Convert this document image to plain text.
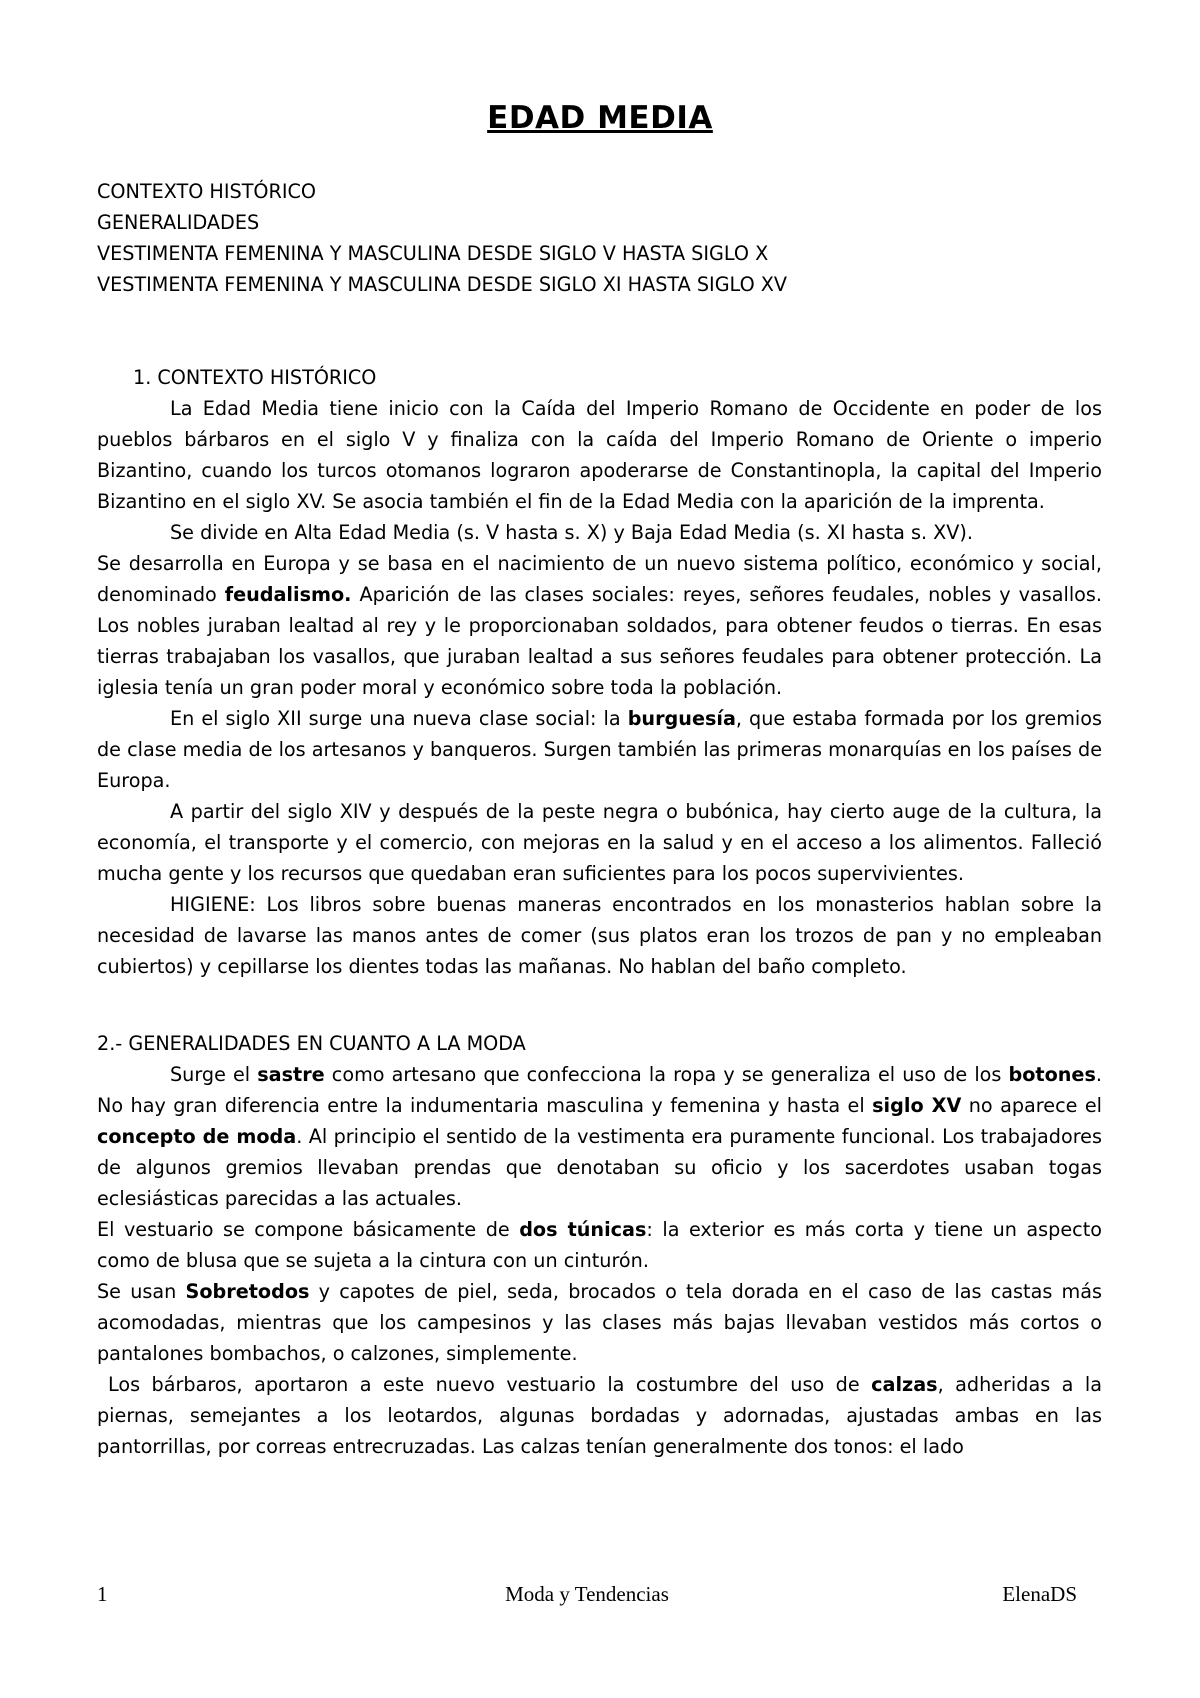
EDAD MEDIA

CONTEXTO HISTÓRICO

GENERALIDADES

VESTIMENTA FEMENINA Y MASCULINA DESDE SIGLO V HASTA SIGLO X

VESTIMENTA FEMENINA Y MASCULINA DESDE SIGLO XI HASTA SIGLO XV

1. CONTEXTO HISTÓRICO

La Edad Media tiene inicio con la Caída del Imperio Romano de Occidente en poder de los pueblos bárbaros en el siglo V y finaliza con la caída del Imperio Romano de Oriente o imperio Bizantino, cuando los turcos otomanos lograron apoderarse de Constantinopla, la capital del Imperio Bizantino en el siglo XV. Se asocia también el fin de la Edad Media con la aparición de la imprenta.

Se divide en Alta Edad Media (s. V hasta s. X) y Baja Edad Media (s. XI hasta s. XV).

Se desarrolla en Europa y se basa en el nacimiento de un nuevo sistema político, económico y social, denominado feudalismo. Aparición de las clases sociales: reyes, señores feudales, nobles y vasallos. Los nobles juraban lealtad al rey y le proporcionaban soldados, para obtener feudos o tierras. En esas tierras trabajaban los vasallos, que juraban lealtad a sus señores feudales para obtener protección. La iglesia tenía un gran poder moral y económico sobre toda la población.

En el siglo XII surge una nueva clase social: la burguesía, que estaba formada por los gremios de clase media de los artesanos y banqueros. Surgen también las primeras monarquías en los países de Europa.

A partir del siglo XIV y después de la peste negra o bubónica, hay cierto auge de la cultura, la economía, el transporte y el comercio, con mejoras en la salud y en el acceso a los alimentos. Falleció mucha gente y los recursos que quedaban eran suficientes para los pocos supervivientes.

HIGIENE: Los libros sobre buenas maneras encontrados en los monasterios hablan sobre la necesidad de lavarse las manos antes de comer (sus platos eran los trozos de pan y no empleaban cubiertos) y cepillarse los dientes todas las mañanas. No hablan del baño completo.

2.- GENERALIDADES EN CUANTO A LA MODA

Surge el sastre como artesano que confecciona la ropa y se generaliza el uso de los botones. No hay gran diferencia entre la indumentaria masculina y femenina y hasta el siglo XV no aparece el concepto de moda. Al principio el sentido de la vestimenta era puramente funcional. Los trabajadores de algunos gremios llevaban prendas que denotaban su oficio y los sacerdotes usaban togas eclesiásticas parecidas a las actuales.

El vestuario se compone básicamente de dos túnicas: la exterior es más corta y tiene un aspecto como de blusa que se sujeta a la cintura con un cinturón.

Se usan Sobretodos y capotes de piel, seda, brocados o tela dorada en el caso de las castas más acomodadas, mientras que los campesinos y las clases más bajas llevaban vestidos más cortos o pantalones bombachos, o calzones, simplemente.

Los bárbaros, aportaron a este nuevo vestuario la costumbre del uso de calzas, adheridas a la piernas, semejantes a los leotardos, algunas bordadas y adornadas, ajustadas ambas en las pantorrillas, por correas entrecruzadas. Las calzas tenían generalmente dos tonos: el lado

1	Moda y Tendencias	ElenaDS
